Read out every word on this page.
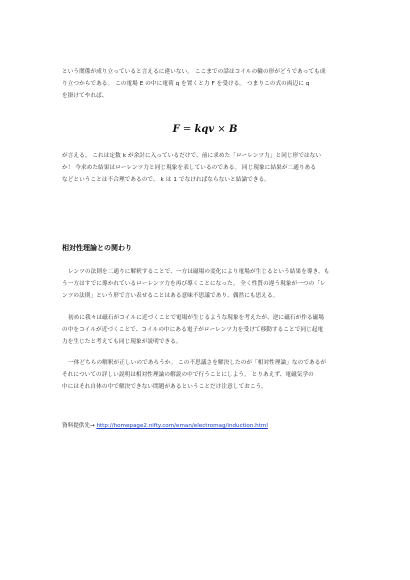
という関係が成り立っていると言えるに違いない。 ここまでの話はコイルの輪の形がどうであっても成
り立つからである。 この電場 E の中に電荷 q を置くと力 F を受ける。 つまりこの式の両辺に q
を掛けてやれば、
F = kqv × B
が言える。 これは定数 k が余計に入っているだけで、前に求めた「ローレンツ力」と同じ形ではない
か！ 今求めた結果はローレンツ力と同じ現象を表しているのである。 同じ現象に結果が二通りある
などということは不合理であるので、 k は 1 でなければならないと結論できる。
相対性理論との関わり
レンツの法則を二通りに解釈することで、一方は磁場の変化により電場が生じるという結果を導き、も
う一方はすでに導かれているローレンツ力を再び導くことになった。 全く性質の違う現象が一つの「レ
ンツの法則」という形で言い表せることはある意味不思議であり、偶然にも思える。
初めに我々は磁石がコイルに近づくことで電場が生じるような現象を考えたが、逆に磁石が作る磁場
の中をコイルが近づくことで、コイルの中にある電子がローレンツ力を受けて移動することで同じ起電
力を生じたと考えても同じ現象が説明できる。
一体どちらの解釈が正しいのであろうか。 この不思議さを解決したのが「相対性理論」なのであるが
それについての詳しい説明は相対性理論の解説の中で行うことにしよう。 とりあえず、電磁気学の
中にはそれ自体の中で解決できない問題があるということだけ注意しておこう。
資料提供先→ http://homepage2.nifty.com/eman/electromag/induction.html
